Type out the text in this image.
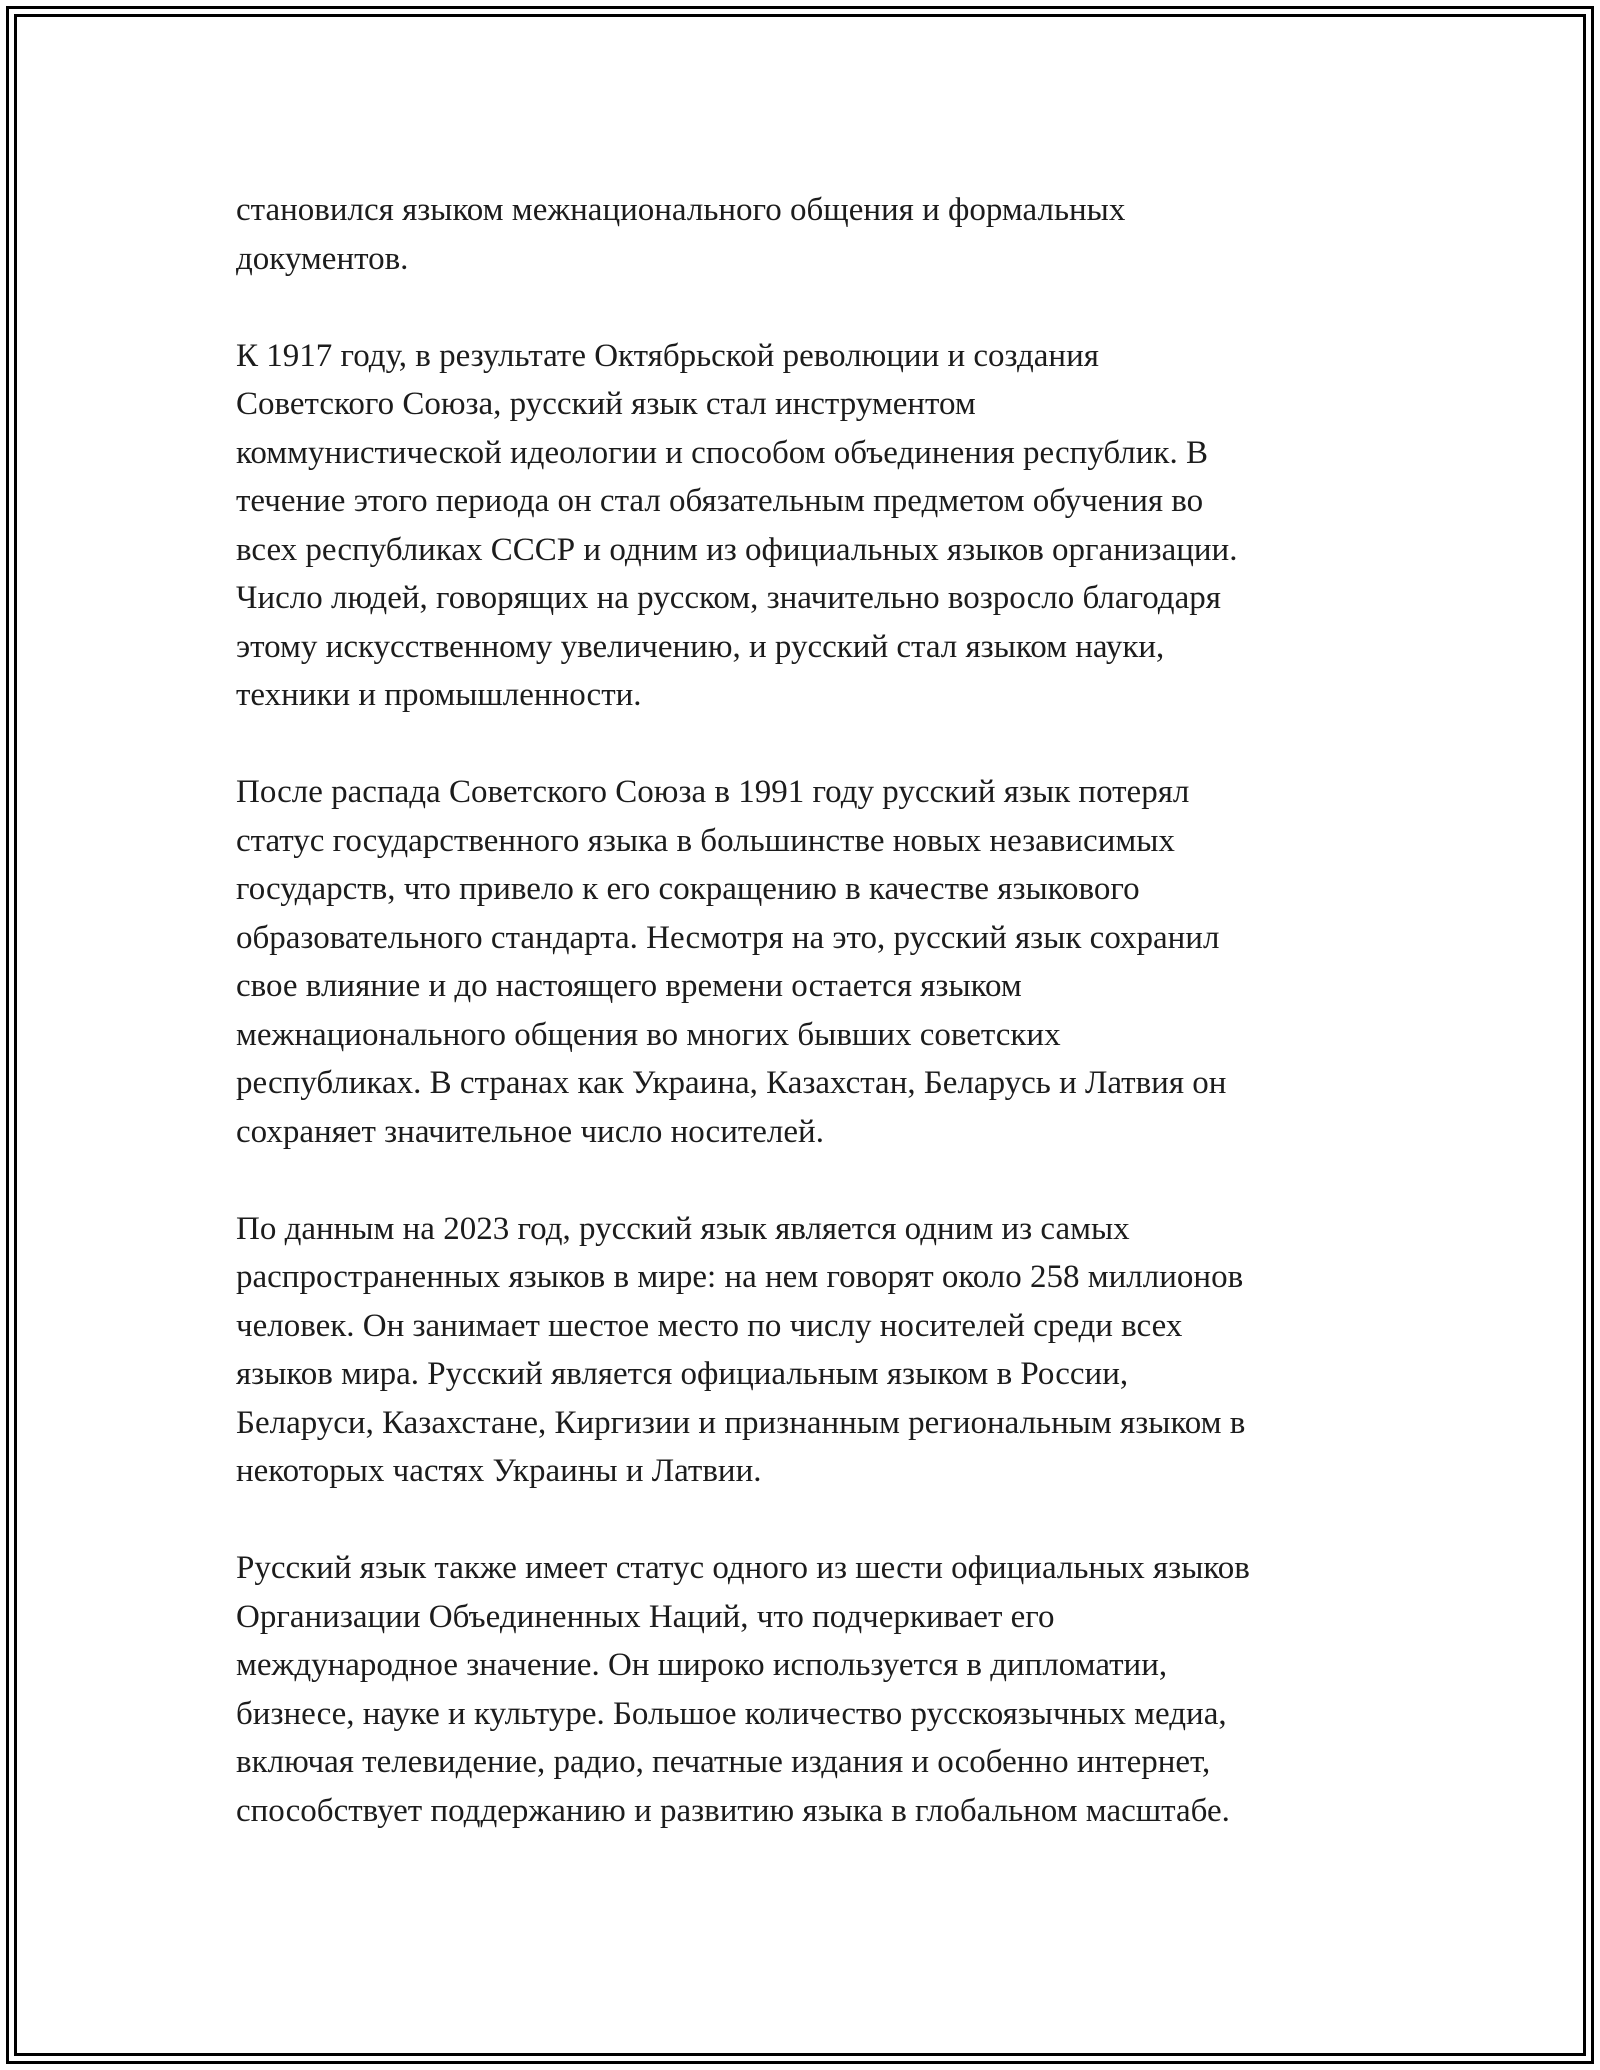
становился языком межнационального общения и формальных
документов.

К 1917 году, в результате Октябрьской революции и создания
Советского Союза, русский язык стал инструментом
коммунистической идеологии и способом объединения республик. В
течение этого периода он стал обязательным предметом обучения во
всех республиках СССР и одним из официальных языков организации.
Число людей, говорящих на русском, значительно возросло благодаря
этому искусственному увеличению, и русский стал языком науки,
техники и промышленности.

После распада Советского Союза в 1991 году русский язык потерял
статус государственного языка в большинстве новых независимых
государств, что привело к его сокращению в качестве языкового
образовательного стандарта. Несмотря на это, русский язык сохранил
свое влияние и до настоящего времени остается языком
межнационального общения во многих бывших советских
республиках. В странах как Украина, Казахстан, Беларусь и Латвия он
сохраняет значительное число носителей.

По данным на 2023 год, русский язык является одним из самых
распространенных языков в мире: на нем говорят около 258 миллионов
человек. Он занимает шестое место по числу носителей среди всех
языков мира. Русский является официальным языком в России,
Беларуси, Казахстане, Киргизии и признанным региональным языком в
некоторых частях Украины и Латвии.

Русский язык также имеет статус одного из шести официальных языков
Организации Объединенных Наций, что подчеркивает его
международное значение. Он широко используется в дипломатии,
бизнесе, науке и культуре. Большое количество русскоязычных медиа,
включая телевидение, радио, печатные издания и особенно интернет,
способствует поддержанию и развитию языка в глобальном масштабе.
